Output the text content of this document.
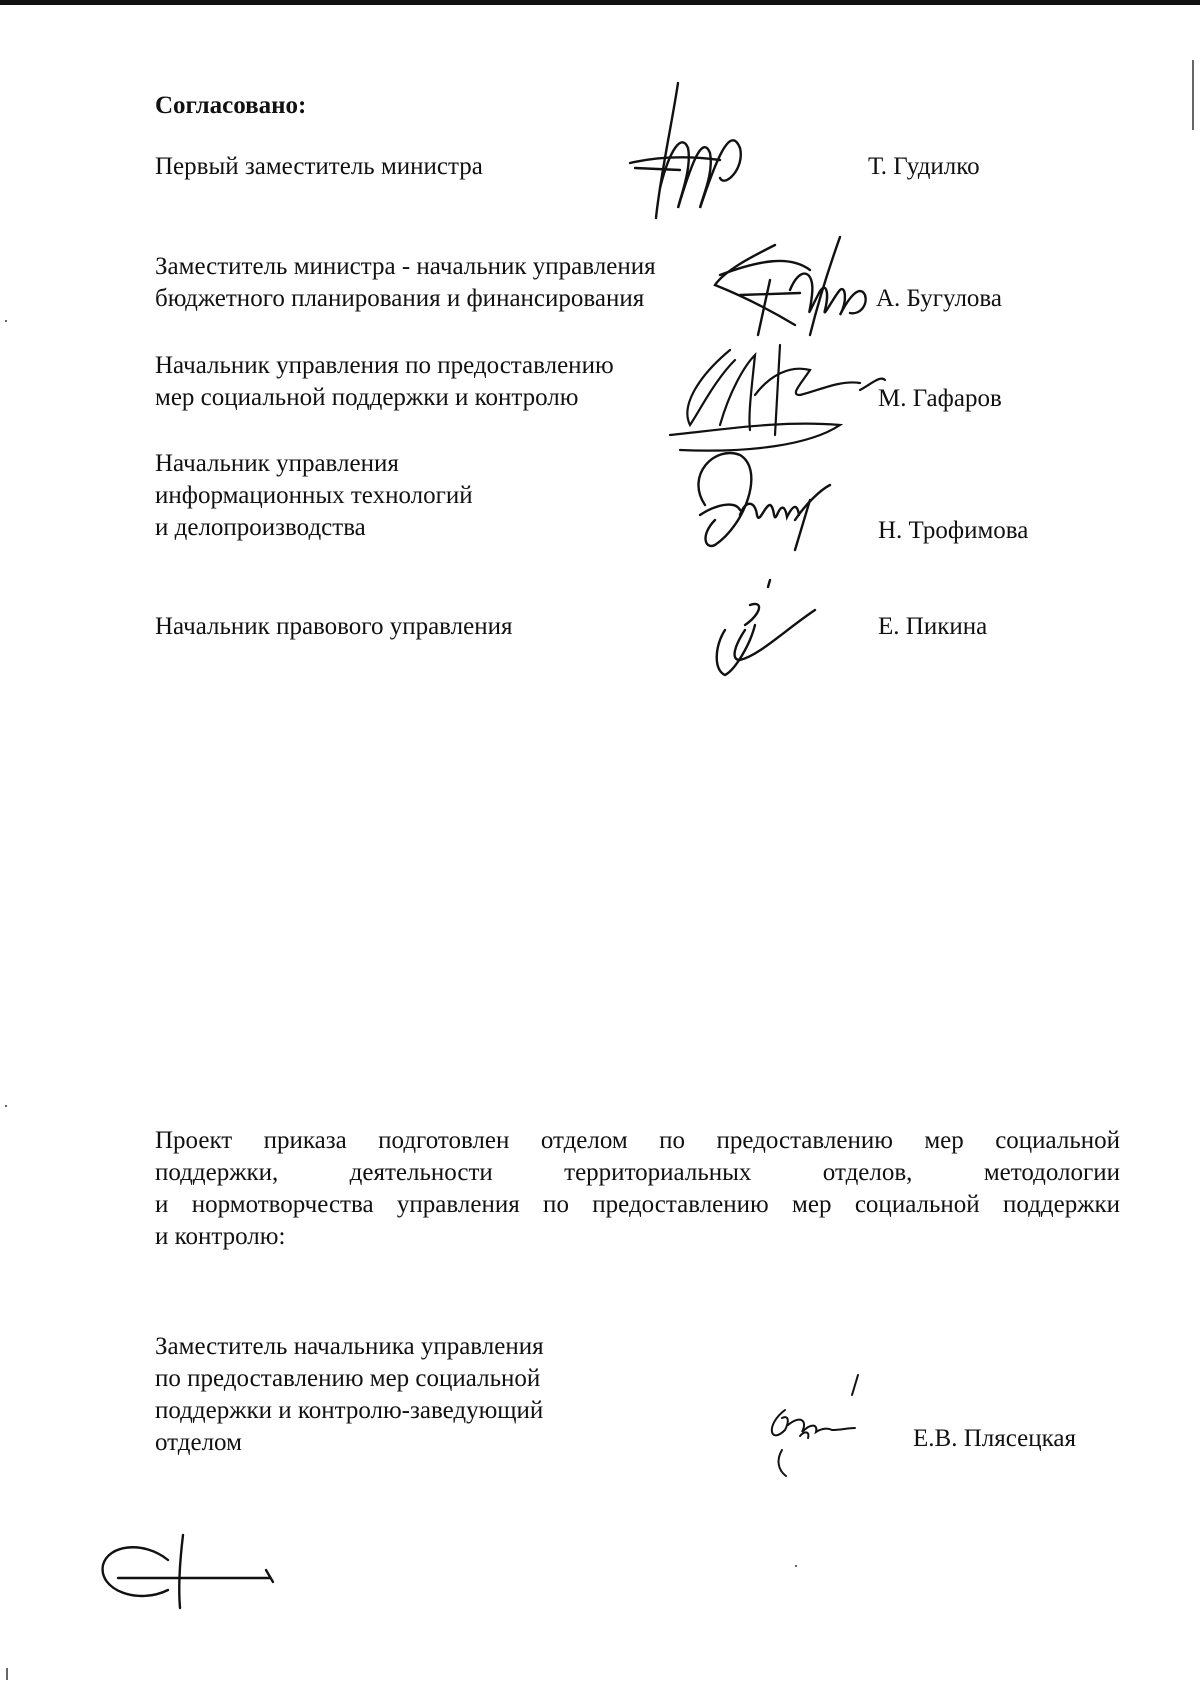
Согласовано:
Первый заместитель министра	Т. Гудилко
Заместитель министра - начальник управления
бюджетного планирования и финансирования	А. Бугулова
Начальник управления по предоставлению
мер социальной поддержки и контролю	М. Гафаров
Начальник управления
информационных технологий
и делопроизводства	Н. Трофимова
Начальник правового управления	Е. Пикина
Проект приказа подготовлен отделом по предоставлению мер социальной
поддержки, деятельности территориальных отделов, методологии
и нормотворчества управления по предоставлению мер социальной поддержки
и контролю:
Заместитель начальника управления
по предоставлению мер социальной
поддержки и контролю-заведующий
отделом	Е.В. Плясецкая
